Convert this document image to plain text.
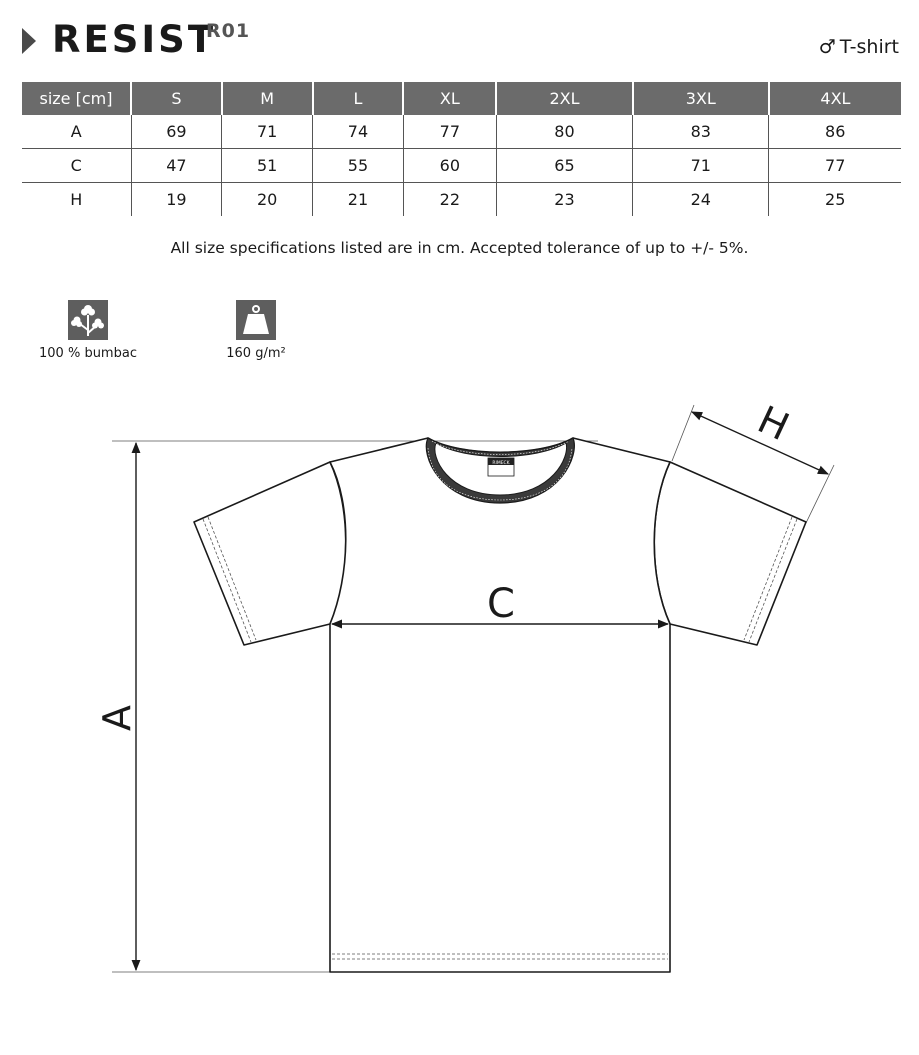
RESIST
R01
♂ T-shirt
size [cm]	S	M	L	XL	2XL	3XL	4XL
A	69	71	74	77	80	83	86
C	47	51	55	60	65	71	77
H	19	20	21	22	23	24	25
All size specifications listed are in cm. Accepted tolerance of up to +/- 5%.
100 % bumbac	160 g/m²
RIMECK
A
C
H
